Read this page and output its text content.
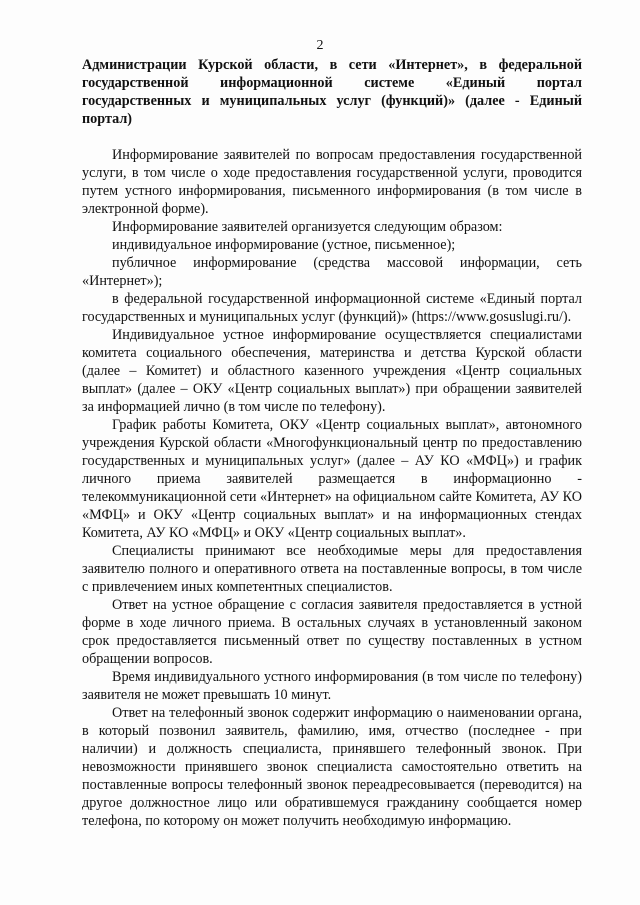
2
Администрации Курской области, в сети «Интернет», в федеральной государственной информационной системе «Единый портал государственных и муниципальных услуг (функций)» (далее - Единый портал)

Информирование заявителей по вопросам предоставления государственной услуги, в том числе о ходе предоставления государственной услуги, проводится путем устного информирования, письменного информирования (в том числе в электронной форме).

Информирование заявителей организуется следующим образом:

индивидуальное информирование (устное, письменное);

публичное информирование (средства массовой информации, сеть «Интернет»);

в федеральной государственной информационной системе «Единый портал государственных и муниципальных услуг (функций)» (https://www.gosuslugi.ru/).

Индивидуальное устное информирование осуществляется специалистами комитета социального обеспечения, материнства и детства Курской области (далее – Комитет) и областного казенного учреждения «Центр социальных выплат» (далее – ОКУ «Центр социальных выплат») при обращении заявителей за информацией лично (в том числе по телефону).

График работы Комитета, ОКУ «Центр социальных выплат», автономного учреждения Курской области «Многофункциональный центр по предоставлению государственных и муниципальных услуг» (далее – АУ КО «МФЦ») и график личного приема заявителей размещается в информационно - телекоммуникационной сети «Интернет» на официальном сайте Комитета, АУ КО «МФЦ» и ОКУ «Центр социальных выплат» и на информационных стендах Комитета, АУ КО «МФЦ» и ОКУ «Центр социальных выплат».

Специалисты принимают все необходимые меры для предоставления заявителю полного и оперативного ответа на поставленные вопросы, в том числе с привлечением иных компетентных специалистов.

Ответ на устное обращение с согласия заявителя предоставляется в устной форме в ходе личного приема. В остальных случаях в установленный законом срок предоставляется письменный ответ по существу поставленных в устном обращении вопросов.

Время индивидуального устного информирования (в том числе по телефону) заявителя не может превышать 10 минут.

Ответ на телефонный звонок содержит информацию о наименовании органа, в который позвонил заявитель, фамилию, имя, отчество (последнее - при наличии) и должность специалиста, принявшего телефонный звонок. При невозможности принявшего звонок специалиста самостоятельно ответить на поставленные вопросы телефонный звонок переадресовывается (переводится) на другое должностное лицо или обратившемуся гражданину сообщается номер телефона, по которому он может получить необходимую информацию.
